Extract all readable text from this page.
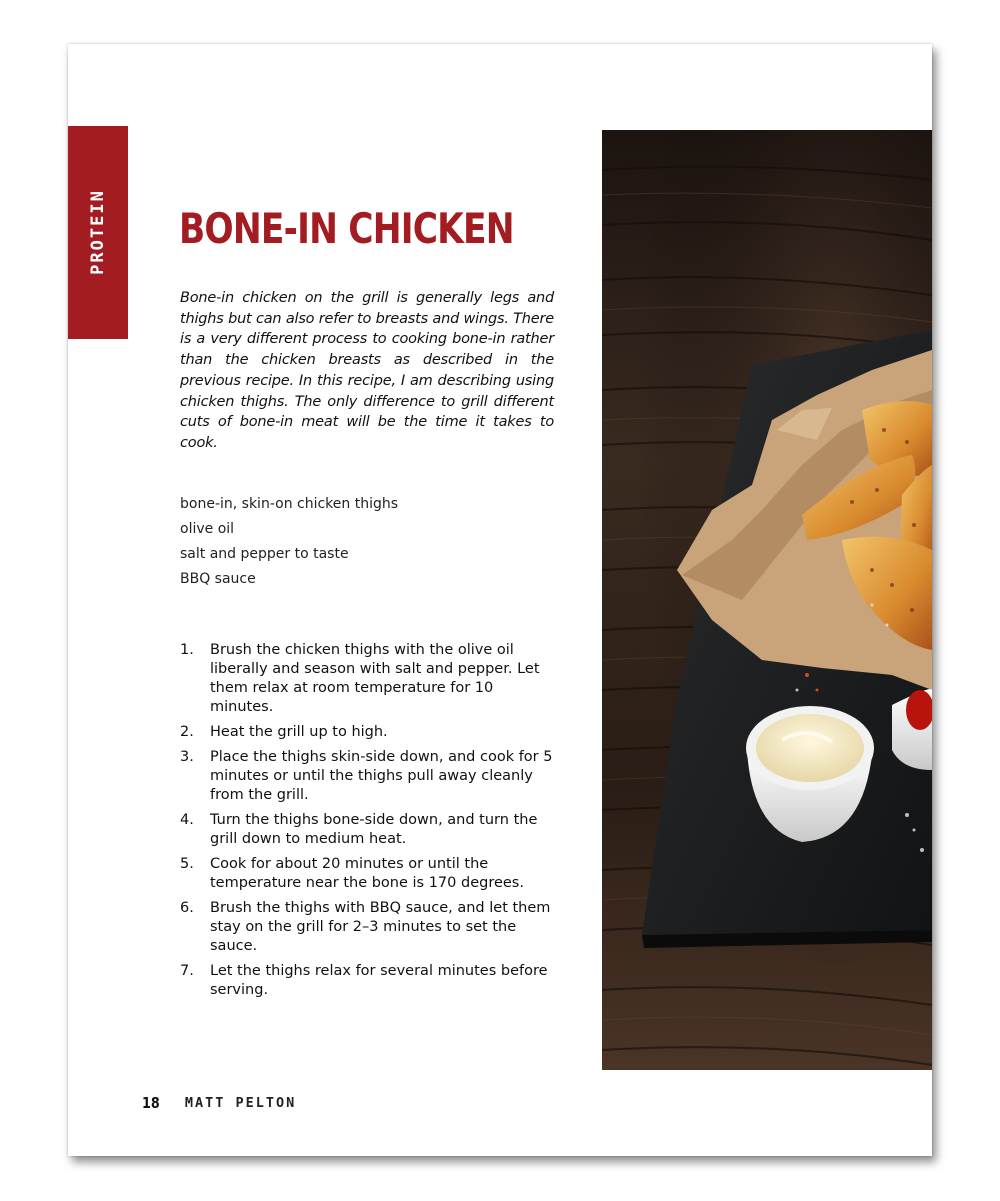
PROTEIN BONE-IN CHICKEN

Bone-in chicken on the grill is generally legs and thighs but can also refer to breasts and wings. There is a very different process to cooking bone-in rather than the chicken breasts as described in the previous recipe. In this recipe, I am describing using chicken thighs. The only difference to grill different cuts of bone-in meat will be the time it takes to cook.

bone-in, skin-on chicken thighs
olive oil
salt and pepper to taste
BBQ sauce
1.	Brush the chicken thighs with the olive oil liberally and season with salt and pepper. Let them relax at room temperature for 10 minutes.
2.	Heat the grill up to high.
3.	Place the thighs skin-side down, and cook for 5 minutes or until the thighs pull away cleanly from the grill.
4.	Turn the thighs bone-side down, and turn the grill down to medium heat.
5.	Cook for about 20 minutes or until the temperature near the bone is 170 degrees.
6.	Brush the thighs with BBQ sauce, and let them stay on the grill for 2–3 minutes to set the sauce.
7.	Let the thighs relax for several minutes before serving.
18 MATT PELTON
